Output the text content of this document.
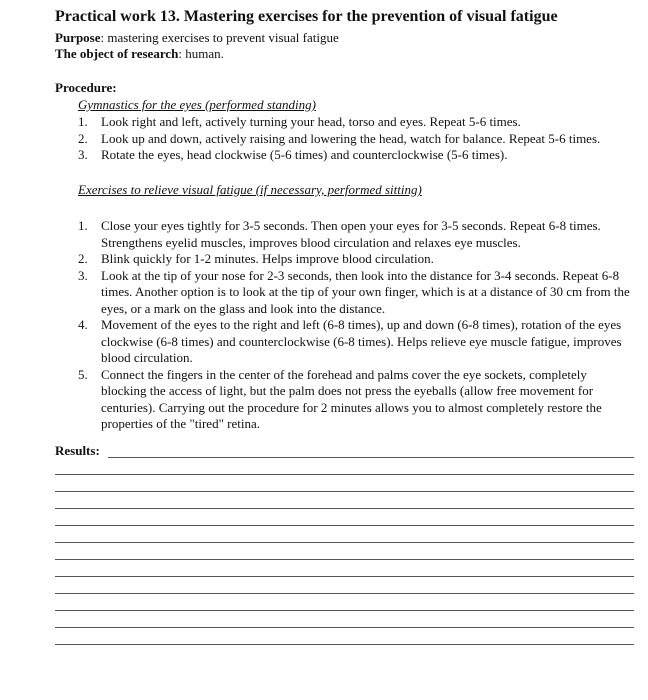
Practical work 13. Mastering exercises for the prevention of visual fatigue
Purpose: mastering exercises to prevent visual fatigue
The object of research: human.
Procedure:
Gymnastics for the eyes (performed standing)
1. Look right and left, actively turning your head, torso and eyes. Repeat 5-6 times.
2. Look up and down, actively raising and lowering the head, watch for balance. Repeat 5-6 times.
3. Rotate the eyes, head clockwise (5-6 times) and counterclockwise (5-6 times).
Exercises to relieve visual fatigue (if necessary, performed sitting)
1. Close your eyes tightly for 3-5 seconds. Then open your eyes for 3-5 seconds. Repeat 6-8 times. Strengthens eyelid muscles, improves blood circulation and relaxes eye muscles.
2. Blink quickly for 1-2 minutes. Helps improve blood circulation.
3. Look at the tip of your nose for 2-3 seconds, then look into the distance for 3-4 seconds. Repeat 6-8 times. Another option is to look at the tip of your own finger, which is at a distance of 30 cm from the eyes, or a mark on the glass and look into the distance.
4. Movement of the eyes to the right and left (6-8 times), up and down (6-8 times), rotation of the eyes clockwise (6-8 times) and counterclockwise (6-8 times). Helps relieve eye muscle fatigue, improves blood circulation.
5. Connect the fingers in the center of the forehead and palms cover the eye sockets, completely blocking the access of light, but the palm does not press the eyeballs (allow free movement for centuries). Carrying out the procedure for 2 minutes allows you to almost completely restore the properties of the "tired" retina.
Results:
